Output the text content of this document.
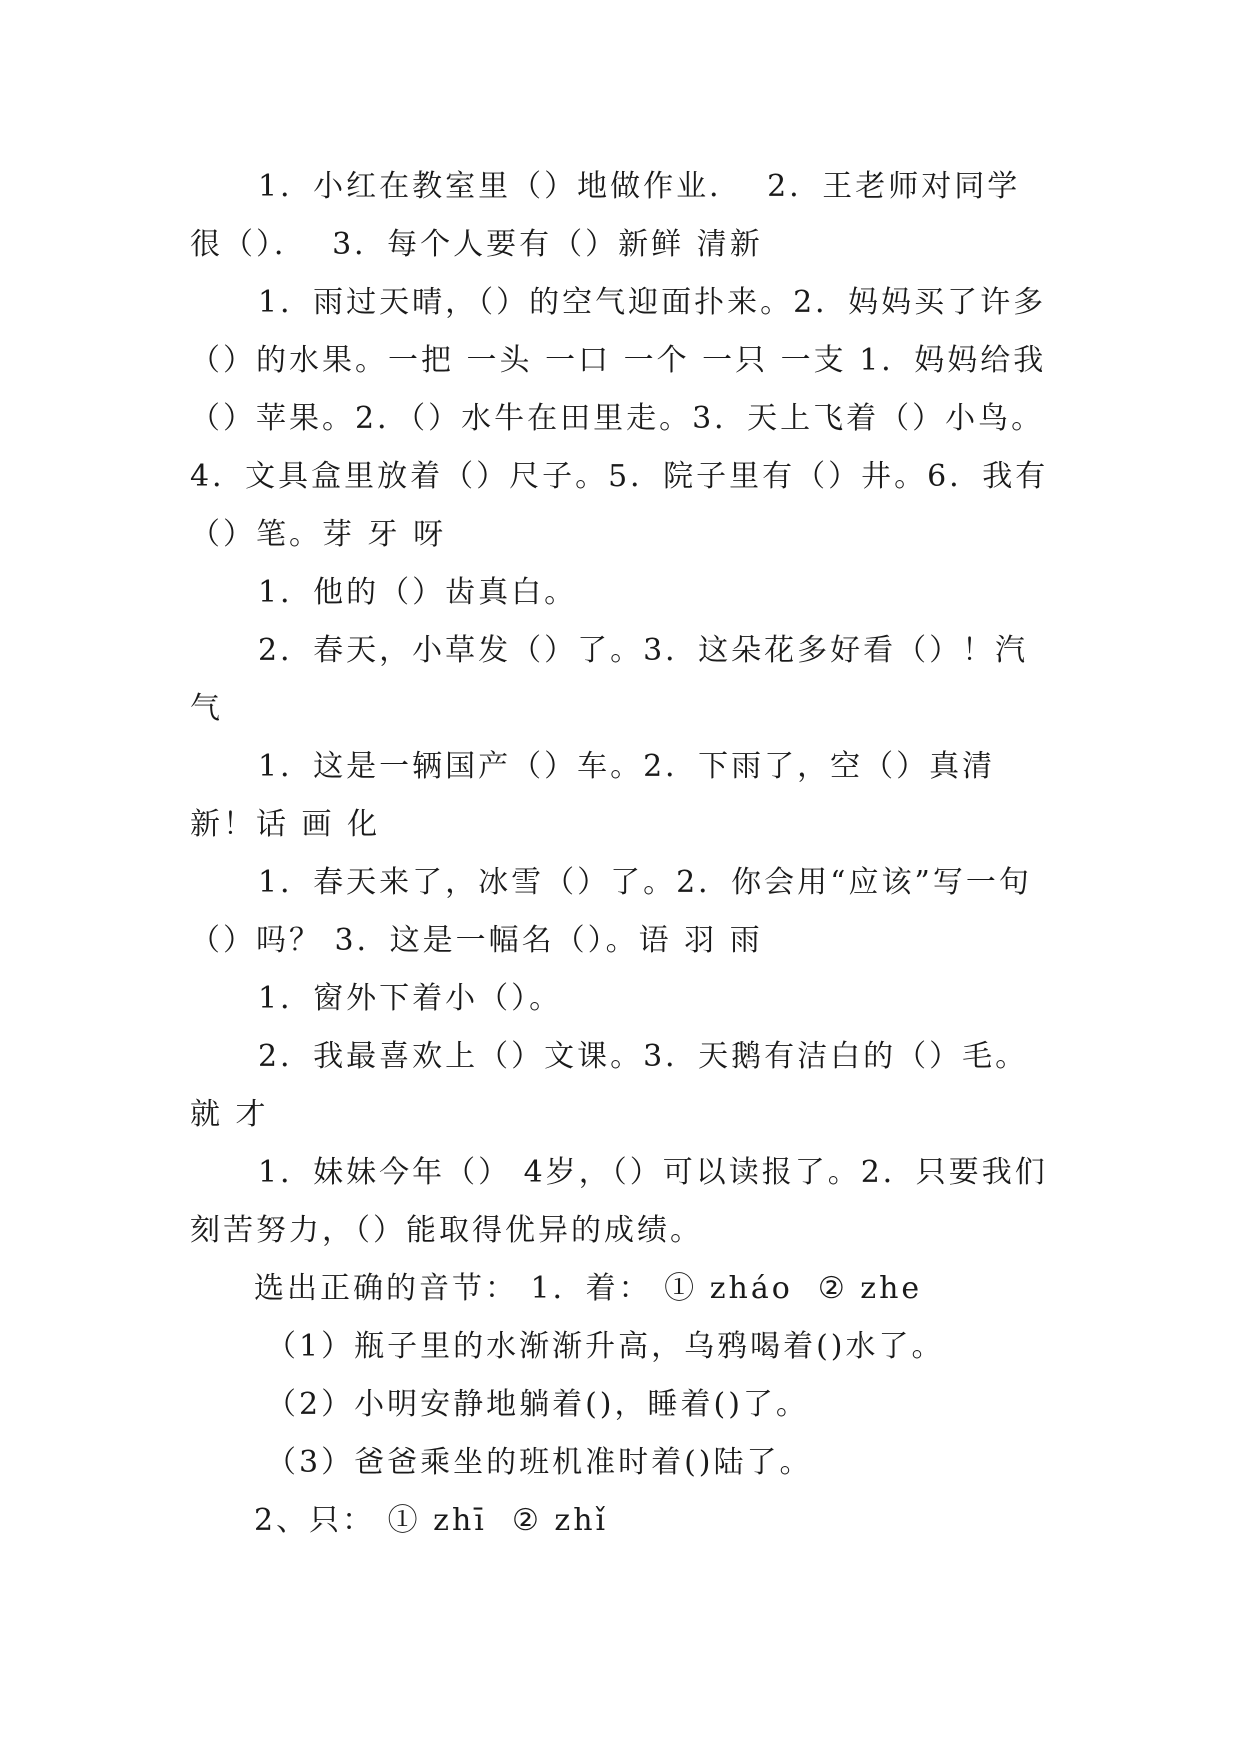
1．小红在教室里（）地做作业．  2．王老师对同学很（）．  3．每个人要有（）新鲜 清新

1．雨过天晴，（）的空气迎面扑来。2．妈妈买了许多（）的水果。一把 一头 一口 一个 一只 一支 1．妈妈给我（）苹果。2．（）水牛在田里走。3．天上飞着（）小鸟。4．文具盒里放着（）尺子。5．院子里有（）井。6．我有（）笔。芽 牙 呀

1．他的（）齿真白。

2．春天，小草发（）了。3．这朵花多好看（）！汽 气

1．这是一辆国产（）车。2．下雨了，空（）真清新！话 画 化

1．春天来了，冰雪（）了。2．你会用“应该”写一句（）吗？ 3．这是一幅名（）。语 羽 雨

1．窗外下着小（）。

2．我最喜欢上（）文课。3．天鹅有洁白的（）毛。就 才

1．妹妹今年（） 4岁，（）可以读报了。2．只要我们刻苦努力，（）能取得优异的成绩。

选出正确的音节： 1．着： ① zháo  ② zhe

（1）瓶子里的水渐渐升高，乌鸦喝着()水了。

（2）小明安静地躺着()，睡着()了。

（3）爸爸乘坐的班机准时着()陆了。

2、只： ① zhī  ② zhǐ
